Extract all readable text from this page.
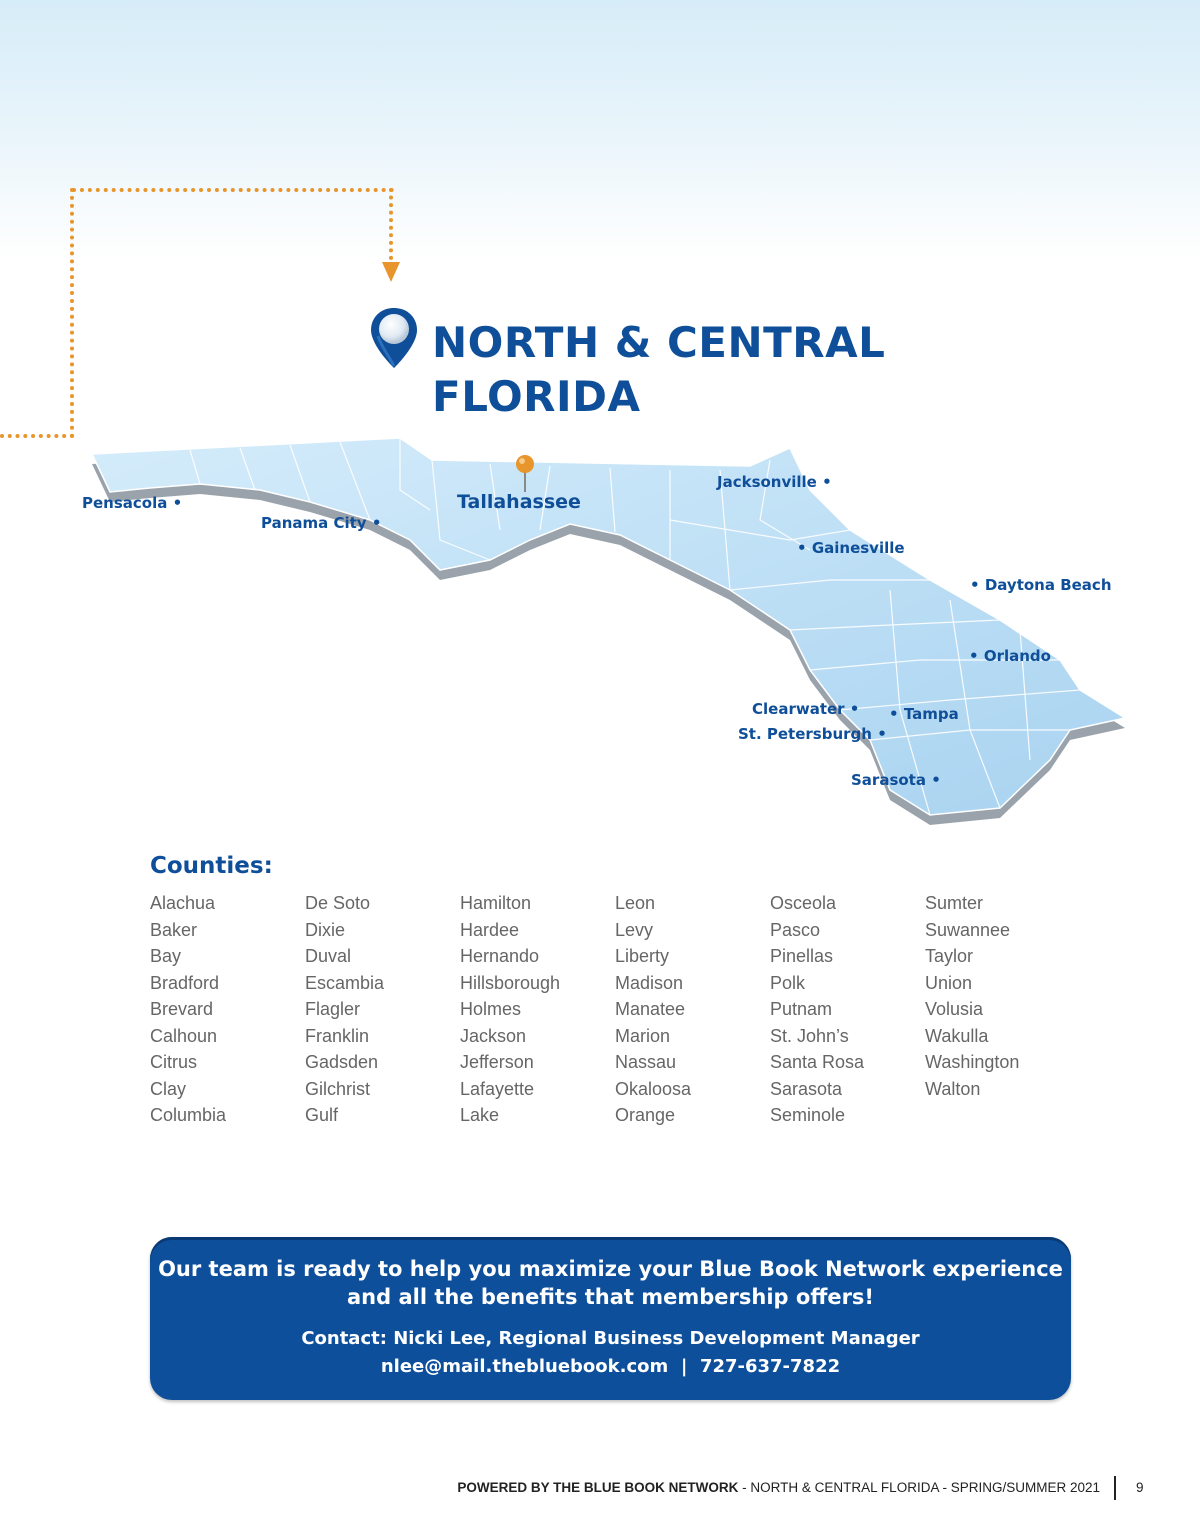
NORTH & CENTRAL
FLORIDA
Pensacola •
Panama City •
Tallahassee
Jacksonville •
• Gainesville
• Daytona Beach
• Orlando
Clearwater • • Tampa
St. Petersburgh •
Sarasota •
Counties:
Alachua
Baker
Bay
Bradford
Brevard
Calhoun
Citrus
Clay
Columbia
De Soto
Dixie
Duval
Escambia
Flagler
Franklin
Gadsden
Gilchrist
Gulf
Hamilton
Hardee
Hernando
Hillsborough
Holmes
Jackson
Jefferson
Lafayette
Lake
Leon
Levy
Liberty
Madison
Manatee
Marion
Nassau
Okaloosa
Orange
Osceola
Pasco
Pinellas
Polk
Putnam
St. John’s
Santa Rosa
Sarasota
Seminole
Sumter
Suwannee
Taylor
Union
Volusia
Wakulla
Washington
Walton
Our team is ready to help you maximize your Blue Book Network experience
and all the benefits that membership offers!
Contact: Nicki Lee, Regional Business Development Manager
nlee@mail.thebluebook.com | 727-637-7822
POWERED BY THE BLUE BOOK NETWORK - NORTH & CENTRAL FLORIDA - SPRING/SUMMER 2021	9
